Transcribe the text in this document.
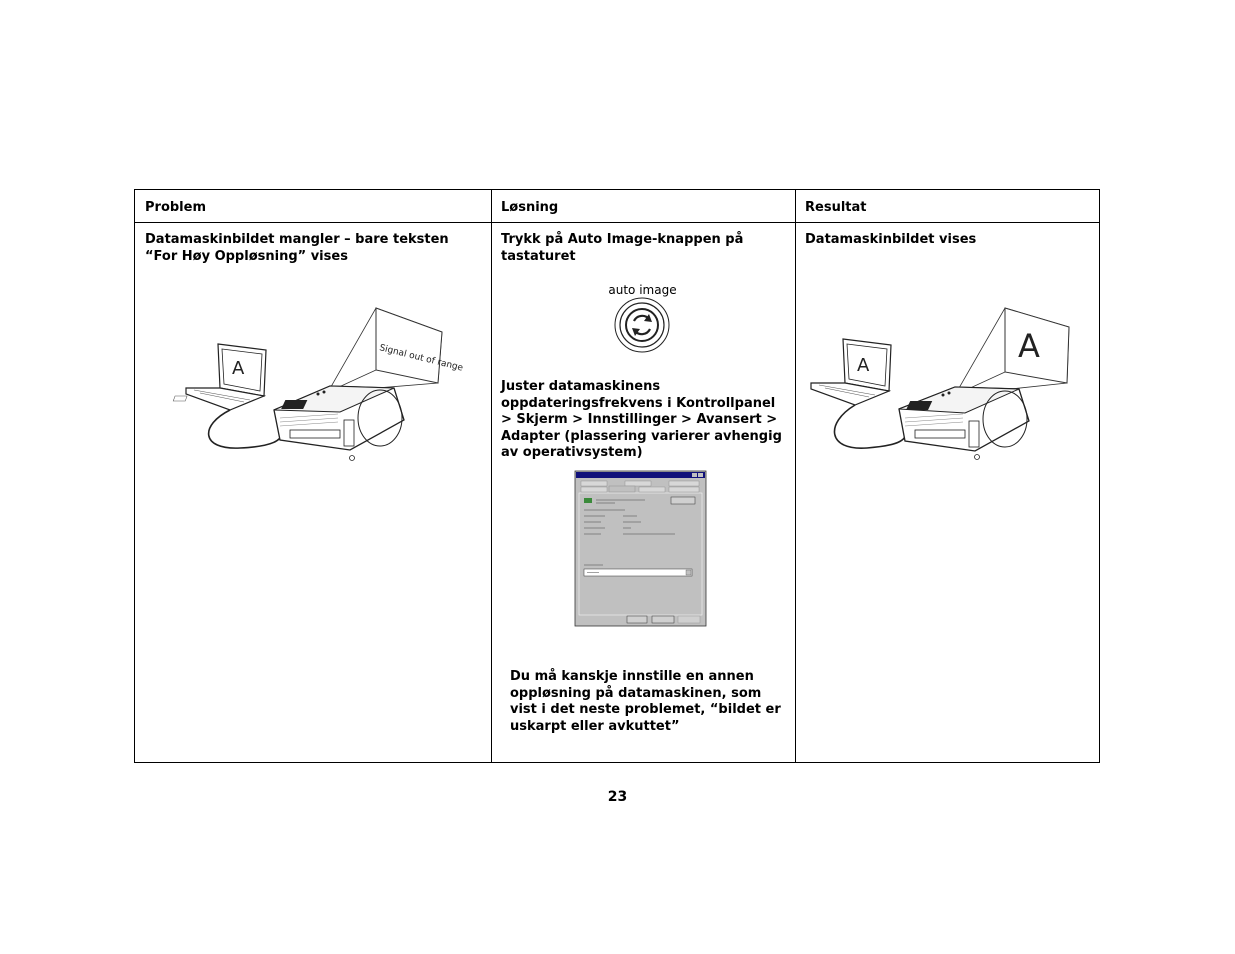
Problem	Løsning	Resultat
Datamaskinbildet mangler – bare teksten “For Høy Oppløsning” vises
Trykk på Auto Image-knappen på tastaturet
Juster datamaskinens oppdateringsfrekvens i Kontrollpanel > Skjerm > Innstillinger > Avansert > Adapter (plassering varierer avhengig av operativsystem)
Du må kanskje innstille en annen oppløsning på datamaskinen, som vist i det neste problemet, “bildet er uskarpt eller avkuttet”
Datamaskinbildet vises
Signal out of range
A
auto image
A
A
23
